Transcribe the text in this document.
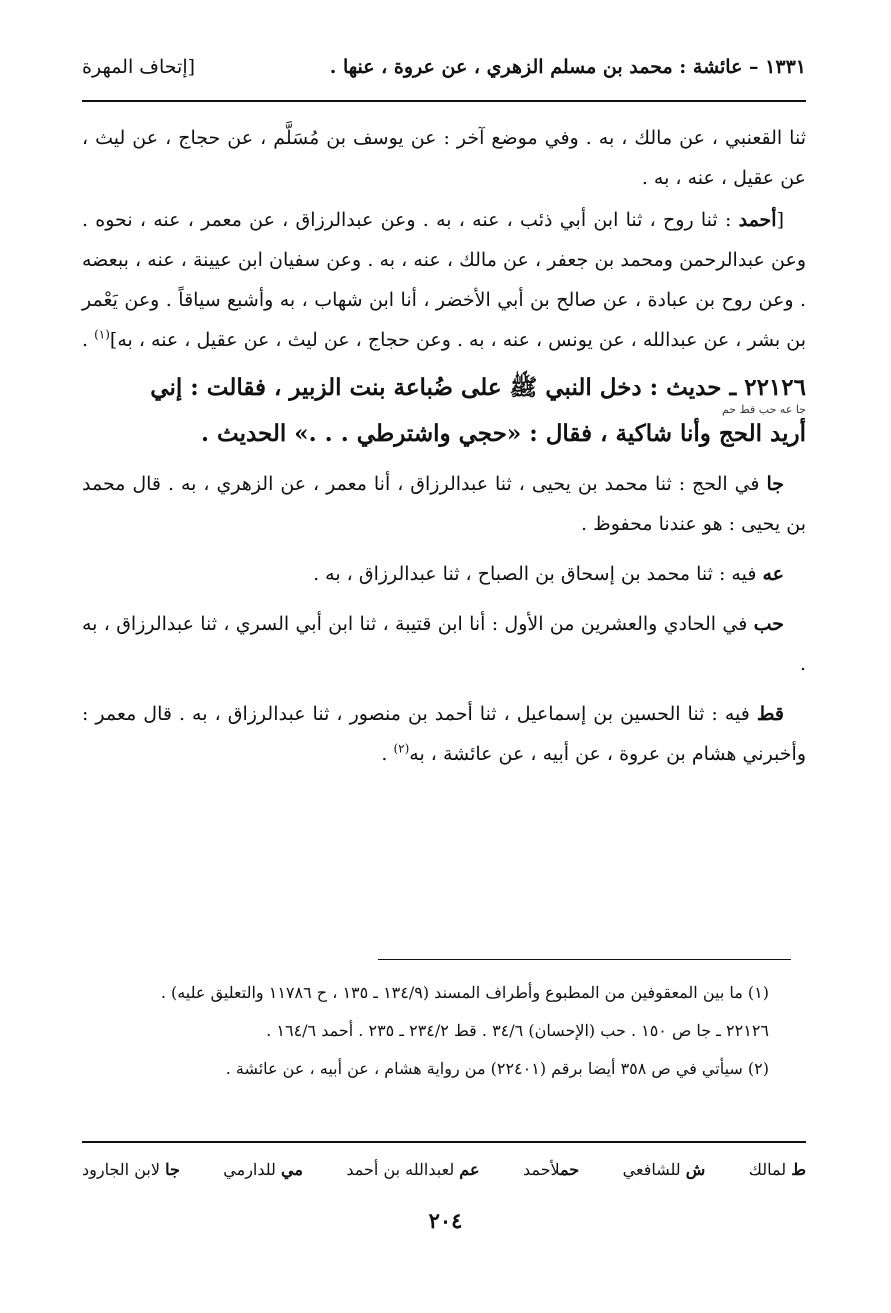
١٣٣١ – عائشة : محمد بن مسلم الزهري ، عن عروة ، عنها .
[إتحاف المهرة

ثنا القعنبي ، عن مالك ، به . وفي موضع آخر : عن يوسف بن مُسَلَّم ، عن حجاج ، عن ليث ، عن عقيل ، عنه ، به .

[أحمد : ثنا روح ، ثنا ابن أبي ذئب ، عنه ، به . وعن عبدالرزاق ، عن معمر ، عنه ، نحوه . وعن عبدالرحمن ومحمد بن جعفر ، عن مالك ، عنه ، به . وعن سفيان ابن عيينة ، عنه ، ببعضه . وعن روح بن عبادة ، عن صالح بن أبي الأخضر ، أنا ابن شهاب ، به وأشبع سياقاً . وعن يَعْمر بن بشر ، عن عبدالله ، عن يونس ، عنه ، به . وعن حجاج ، عن ليث ، عن عقيل ، عنه ، به]$^{(١)}$ .

٢٢١٢٦ ـ حديث : دخل النبي ﷺ على ضُباعة بنت الزبير ، فقالت : إني
جا عه حب قط حم
أريد الحج وأنا شاكية ، فقال : «حجي واشترطي . . .» الحديث .

جا في الحج : ثنا محمد بن يحيى ، ثنا عبدالرزاق ، أنا معمر ، عن الزهري ، به . قال محمد بن يحيى : هو عندنا محفوظ .

عه فيه : ثنا محمد بن إسحاق بن الصباح ، ثنا عبدالرزاق ، به .

حب في الحادي والعشرين من الأول : أنا ابن قتيبة ، ثنا ابن أبي السري ، ثنا عبدالرزاق ، به .

قط فيه : ثنا الحسين بن إسماعيل ، ثنا أحمد بن منصور ، ثنا عبدالرزاق ، به . قال معمر : وأخبرني هشام بن عروة ، عن أبيه ، عن عائشة ، به$^{(٢)}$ .

(١) ما بين المعقوفين من المطبوع وأطراف المسند (١٣٤/٩ ـ ١٣٥ ، ح ١١٧٨٦ والتعليق عليه) .

٢٢١٢٦ ـ جا ص ١٥٠ . حب (الإحسان) ٣٤/٦ . قط ٢٣٤/٢ ـ ٢٣٥ . أحمد ١٦٤/٦ .

(٢) سيأتي في ص ٣٥٨ أيضا برقم (٢٢٤٠١) من رواية هشام ، عن أبيه ، عن عائشة .

ط لمالك
ش للشافعي
حملأحمد
عم لعبدالله بن أحمد
مي للدارمي
جا لابن الجارود
٢٠٤
